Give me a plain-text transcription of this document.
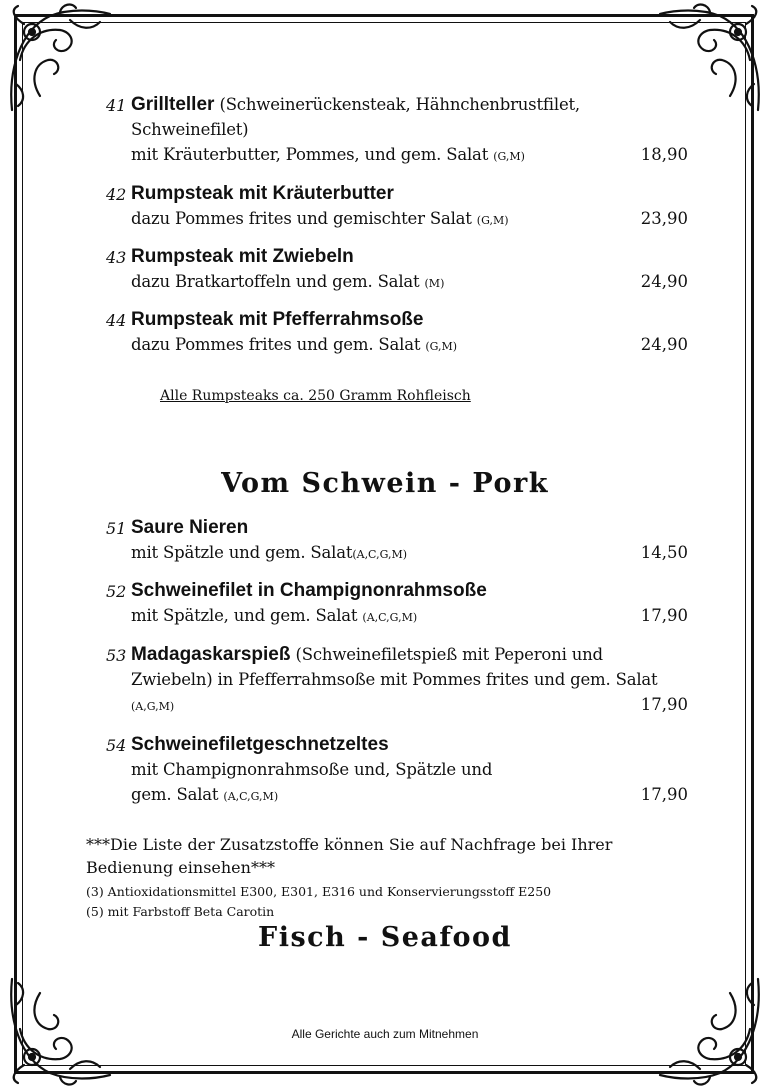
41 Grillteller (Schweinerückensteak, Hähnchenbrustfilet,
Schweinefilet)
mit Kräuterbutter, Pommes, und gem. Salat (G,M)	18,90
42 Rumpsteak mit Kräuterbutter
dazu Pommes frites und gemischter Salat (G,M)	23,90
43 Rumpsteak mit Zwiebeln
dazu Bratkartoffeln und gem. Salat (M)	24,90
44 Rumpsteak mit Pfefferrahmsoße
dazu Pommes frites und gem. Salat (G,M)	24,90
Alle Rumpsteaks ca. 250 Gramm Rohfleisch
Vom Schwein - Pork
51 Saure Nieren
mit Spätzle und gem. Salat(A,C,G,M)	14,50
52 Schweinefilet in Champignonrahmsoße
mit Spätzle, und gem. Salat (A,C,G,M)	17,90
53 Madagaskarspieß (Schweinefiletspieß mit Peperoni und
Zwiebeln) in Pfefferrahmsoße mit Pommes frites und gem. Salat
(A,G,M)	17,90
54 Schweinefiletgeschnetzeltes
mit Champignonrahmsoße und, Spätzle und
gem. Salat (A,C,G,M)	17,90
***Die Liste der Zusatzstoffe können Sie auf Nachfrage bei Ihrer
Bedienung einsehen***
(3) Antioxidationsmittel E300, E301, E316 und Konservierungsstoff E250
(5) mit Farbstoff Beta Carotin
Fisch - Seafood
Alle Gerichte auch zum Mitnehmen
